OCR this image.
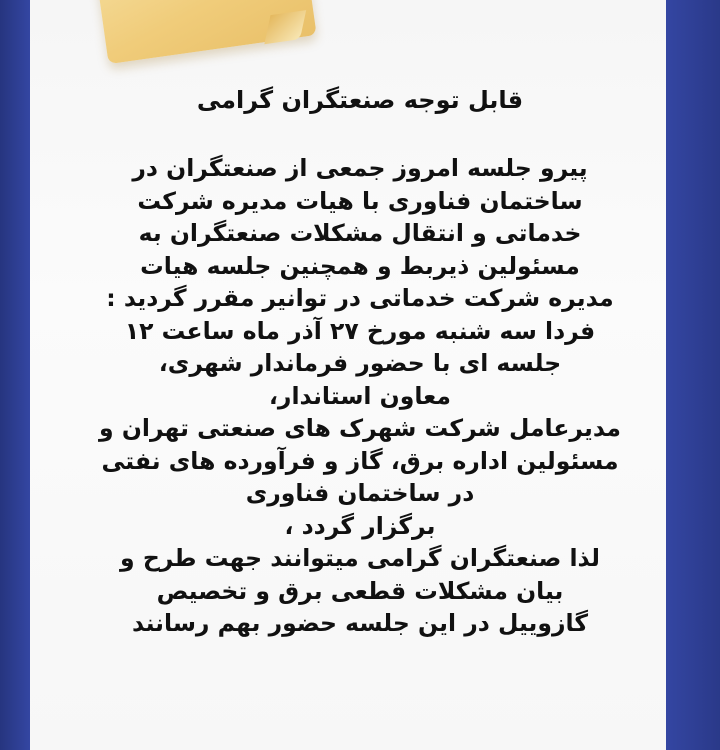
قابل توجه صنعتگران گرامی
پیرو جلسه امروز جمعی از صنعتگران در
ساختمان فناوری با هیات مدیره شرکت
خدماتی و انتقال مشکلات صنعتگران به
مسئولین ذیربط و همچنین جلسه هیات
مدیره شرکت خدماتی در توانیر مقرر گردید :
فردا سه شنبه مورخ ۲۷ آذر ماه ساعت ۱۲
جلسه ای با حضور فرماندار شهری،
معاون استاندار،
مدیرعامل شرکت شهرک های صنعتی تهران و
مسئولین اداره برق، گاز و فرآورده های نفتی
در ساختمان فناوری
برگزار گردد ،
لذا صنعتگران گرامی میتوانند جهت طرح و
بیان مشکلات قطعی برق و تخصیص
گازوییل در این جلسه حضور بهم رسانند
